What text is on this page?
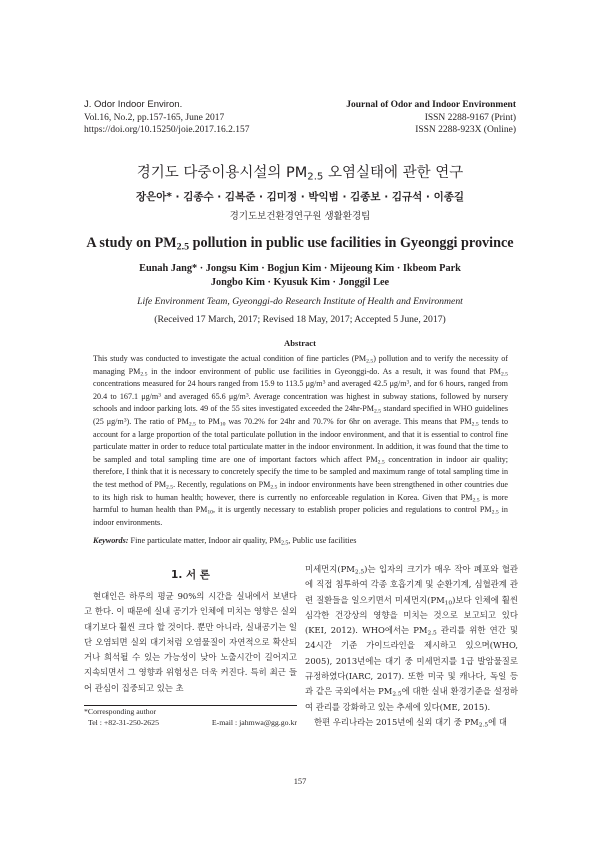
J. Odor Indoor Environ.
Vol.16, No.2, pp.157-165, June 2017
https://doi.org/10.15250/joie.2017.16.2.157
Journal of Odor and Indoor Environment
ISSN 2288-9167 (Print)
ISSN 2288-923X (Online)
경기도 다중이용시설의 $PM_{2.5}$ 오염실태에 관한 연구
장은아* · 김종수 · 김복준 · 김미정 · 박익범 · 김종보 · 김규석 · 이종길
경기도보건환경연구원 생활환경팀
A study on $PM_{2.5}$ pollution in public use facilities in Gyeonggi province
Eunah Jang* · Jongsu Kim · Bogjun Kim · Mijeoung Kim · Ikbeom Park
Jongbo Kim · Kyusuk Kim · Jonggil Lee
Life Environment Team, Gyeonggi-do Research Institute of Health and Environment
(Received 17 March, 2017; Revised 18 May, 2017; Accepted 5 June, 2017)
Abstract

This study was conducted to investigate the actual condition of fine particles $(PM_{2.5})$ pollution and to verify the necessity of managing $PM_{2.5}$ in the indoor environment of public use facilities in Gyeonggi-do. As a result, it was found that $PM_{2.5}$ concentrations measured for 24 hours ranged from 15.9 to 113.5 $\mu g/m^3$ and averaged 42.5 $\mu g/m^3$, and for 6 hours, ranged from 20.4 to 167.1 $\mu g/m^3$ and averaged 65.6 $\mu g/m^3$. Average concentration was highest in subway stations, followed by nursery schools and indoor parking lots. 49 of the 55 sites investigated exceeded the $24hr-PM_{2.5}$ standard specified in WHO guidelines (25 $\mu g/m^3$). The ratio of $PM_{2.5}$ to $PM_{10}$ was 70.2% for 24hr and 70.7% for 6hr on average. This means that $PM_{2.5}$ tends to account for a large proportion of the total particulate pollution in the indoor environment, and that it is essential to control fine particulate matter in order to reduce total particulate matter in the indoor environment. In addition, it was found that the time to be sampled and total sampling time are one of important factors which affect $PM_{2.5}$ concentration in indoor air quality; therefore, I think that it is necessary to concretely specify the time to be sampled and maximum range of total sampling time in the test method of $PM_{2.5}$. Recently, regulations on $PM_{2.5}$ in indoor environments have been strengthened in other countries due to its high risk to human health; however, there is currently no enforceable regulation in Korea. Given that $PM_{2.5}$ is more harmful to human health than $PM_{10}$, it is urgently necessary to establish proper policies and regulations to control $PM_{2.5}$ in indoor environments.

Keywords: Fine particulate matter, Indoor air quality, $PM_{2.5}$, Public use facilities
1. 서 론

현대인은 하루의 평균 90%의 시간을 실내에서 보낸다고 한다. 이 때문에 실내 공기가 인체에 미치는 영향은 실외 대기보다 훨씬 크다 할 것이다. 뿐만 아니라, 실내공기는 일단 오염되면 실외 대기처럼 오염물질이 자연적으로 확산되거나 희석될 수 있는 가능성이 낮아 노출시간이 길어지고 지속되면서 그 영향과 위험성은 더욱 커진다. 특히 최근 들어 관심이 집중되고 있는 초

*Corresponding author
Tel : +82-31-250-2625	E-mail : jahmwa@gg.go.kr

미세먼지$(PM_{2.5})$는 입자의 크기가 매우 작아 폐포와 혈관에 직접 침투하여 각종 호흡기계 및 순환기계, 심혈관계 관련 질환들을 일으키면서 미세먼지$(PM_{10})$보다 인체에 훨씬 심각한 건강상의 영향을 미치는 것으로 보고되고 있다(KEI, 2012). WHO에서는 $PM_{2.5}$ 관리를 위한 연간 및 24시간 기준 가이드라인을 제시하고 있으며(WHO, 2005), 2013년에는 대기 중 미세먼지를 1급 발암물질로 규정하였다(IARC, 2017). 또한 미국 및 캐나다, 독일 등과 같은 국외에서는 $PM_{2.5}$에 대한 실내 환경기준을 설정하여 관리를 강화하고 있는 추세에 있다(ME, 2015).

한편 우리나라는 2015년에 실외 대기 중 $PM_{2.5}$에 대

157
